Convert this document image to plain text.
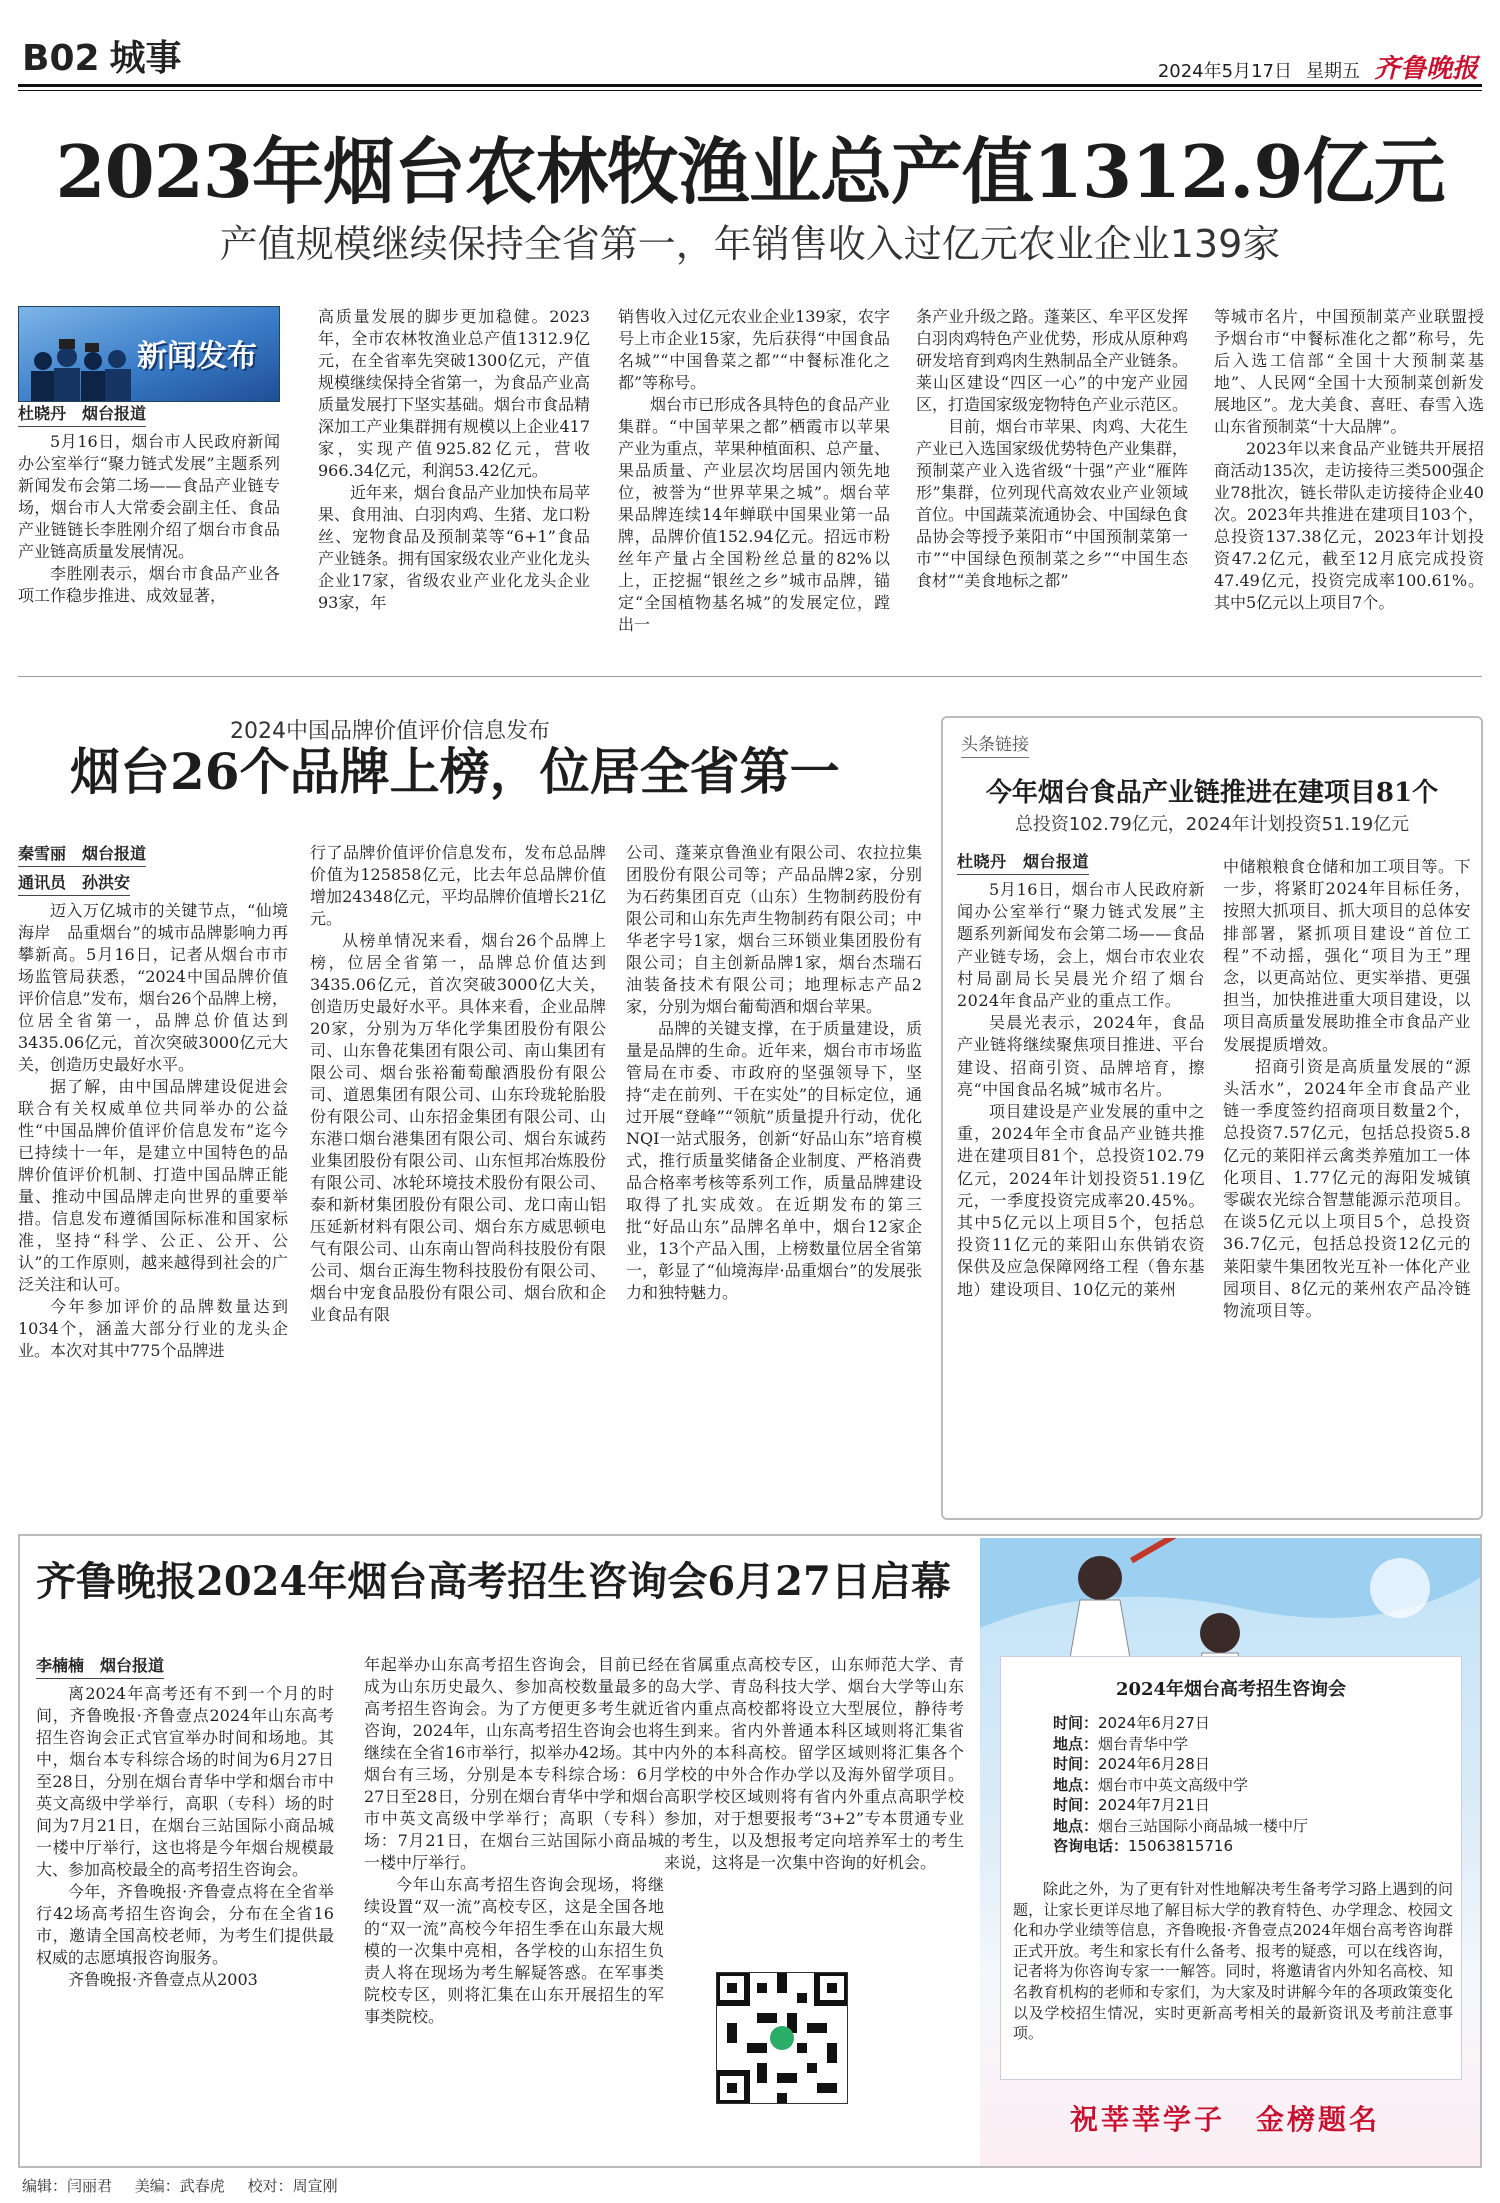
B02 城事	2024年5月17日 星期五 齐鲁晚报
2023年烟台农林牧渔业总产值1312.9亿元
产值规模继续保持全省第一，年销售收入过亿元农业企业139家
新闻发布

杜晓丹　烟台报道

5月16日，烟台市人民政府新闻办公室举行“聚力链式发展”主题系列新闻发布会第二场——食品产业链专场，烟台市人大常委会副主任、食品产业链链长李胜刚介绍了烟台市食品产业链高质量发展情况。

李胜刚表示，烟台市食品产业各项工作稳步推进、成效显著，

高质量发展的脚步更加稳健。2023年，全市农林牧渔业总产值1312.9亿元，在全省率先突破1300亿元，产值规模继续保持全省第一，为食品产业高质量发展打下坚实基础。烟台市食品精深加工产业集群拥有规模以上企业417家，实现产值925.82亿元，营收966.34亿元，利润53.42亿元。

近年来，烟台食品产业加快布局苹果、食用油、白羽肉鸡、生猪、龙口粉丝、宠物食品及预制菜等“6+1”食品产业链条。拥有国家级农业产业化龙头企业17家，省级农业产业化龙头企业93家，年

销售收入过亿元农业企业139家，农字号上市企业15家，先后获得“中国食品名城”“中国鲁菜之都”“中餐标准化之都”等称号。

烟台市已形成各具特色的食品产业集群。“中国苹果之都”栖霞市以苹果产业为重点，苹果种植面积、总产量、果品质量、产业层次均居国内领先地位，被誉为“世界苹果之城”。烟台苹果品牌连续14年蝉联中国果业第一品牌，品牌价值152.94亿元。招远市粉丝年产量占全国粉丝总量的82%以上，正挖掘“银丝之乡”城市品牌，锚定“全国植物基名城”的发展定位，蹚出一

条产业升级之路。蓬莱区、牟平区发挥白羽肉鸡特色产业优势，形成从原种鸡研发培育到鸡肉生熟制品全产业链条。莱山区建设“四区一心”的中宠产业园区，打造国家级宠物特色产业示范区。

目前，烟台市苹果、肉鸡、大花生产业已入选国家级优势特色产业集群，预制菜产业入选省级“十强”产业“雁阵形”集群，位列现代高效农业产业领域首位。中国蔬菜流通协会、中国绿色食品协会等授予莱阳市“中国预制菜第一市”“中国绿色预制菜之乡”“中国生态食材”“美食地标之都”

等城市名片，中国预制菜产业联盟授予烟台市“中餐标准化之都”称号，先后入选工信部“全国十大预制菜基地”、人民网“全国十大预制菜创新发展地区”。龙大美食、喜旺、春雪入选山东省预制菜“十大品牌”。

2023年以来食品产业链共开展招商活动135次，走访接待三类500强企业78批次，链长带队走访接待企业40次。2023年共推进在建项目103个，总投资137.38亿元，2023年计划投资47.2亿元，截至12月底完成投资47.49亿元，投资完成率100.61%。其中5亿元以上项目7个。

2024中国品牌价值评价信息发布
烟台26个品牌上榜，位居全省第一

秦雪丽　烟台报道

通讯员　孙洪安

迈入万亿城市的关键节点，“仙境海岸　品重烟台”的城市品牌影响力再攀新高。5月16日，记者从烟台市市场监管局获悉，“2024中国品牌价值评价信息”发布，烟台26个品牌上榜，位居全省第一，品牌总价值达到3435.06亿元，首次突破3000亿元大关，创造历史最好水平。

据了解，由中国品牌建设促进会联合有关权威单位共同举办的公益性“中国品牌价值评价信息发布”迄今已持续十一年，是建立中国特色的品牌价值评价机制、打造中国品牌正能量、推动中国品牌走向世界的重要举措。信息发布遵循国际标准和国家标准，坚持“科学、公正、公开、公认”的工作原则，越来越得到社会的广泛关注和认可。

今年参加评价的品牌数量达到1034个，涵盖大部分行业的龙头企业。本次对其中775个品牌进

行了品牌价值评价信息发布，发布总品牌价值为125858亿元，比去年总品牌价值增加24348亿元，平均品牌价值增长21亿元。

从榜单情况来看，烟台26个品牌上榜，位居全省第一，品牌总价值达到3435.06亿元，首次突破3000亿大关，创造历史最好水平。具体来看，企业品牌20家，分别为万华化学集团股份有限公司、山东鲁花集团有限公司、南山集团有限公司、烟台张裕葡萄酿酒股份有限公司、道恩集团有限公司、山东玲珑轮胎股份有限公司、山东招金集团有限公司、山东港口烟台港集团有限公司、烟台东诚药业集团股份有限公司、山东恒邦冶炼股份有限公司、冰轮环境技术股份有限公司、泰和新材集团股份有限公司、龙口南山铝压延新材料有限公司、烟台东方威思顿电气有限公司、山东南山智尚科技股份有限公司、烟台正海生物科技股份有限公司、烟台中宠食品股份有限公司、烟台欣和企业食品有限

公司、蓬莱京鲁渔业有限公司、农拉拉集团股份有限公司等；产品品牌2家，分别为石药集团百克（山东）生物制药股份有限公司和山东先声生物制药有限公司；中华老字号1家，烟台三环锁业集团股份有限公司；自主创新品牌1家，烟台杰瑞石油装备技术有限公司；地理标志产品2家，分别为烟台葡萄酒和烟台苹果。

品牌的关键支撑，在于质量建设，质量是品牌的生命。近年来，烟台市市场监管局在市委、市政府的坚强领导下，坚持“走在前列、干在实处”的目标定位，通过开展“登峰”“领航”质量提升行动，优化NQI一站式服务，创新“好品山东”培育模式，推行质量奖储备企业制度、严格消费品合格率考核等系列工作，质量品牌建设取得了扎实成效。在近期发布的第三批“好品山东”品牌名单中，烟台12家企业，13个产品入围，上榜数量位居全省第一，彰显了“仙境海岸·品重烟台”的发展张力和独特魅力。

头条链接
今年烟台食品产业链推进在建项目81个
总投资102.79亿元，2024年计划投资51.19亿元

杜晓丹　烟台报道

5月16日，烟台市人民政府新闻办公室举行“聚力链式发展”主题系列新闻发布会第二场——食品产业链专场，会上，烟台市农业农村局副局长吴晨光介绍了烟台2024年食品产业的重点工作。

吴晨光表示，2024年，食品产业链将继续聚焦项目推进、平台建设、招商引资、品牌培育，擦亮“中国食品名城”城市名片。

项目建设是产业发展的重中之重，2024年全市食品产业链共推进在建项目81个，总投资102.79亿元，2024年计划投资51.19亿元，一季度投资完成率20.45%。其中5亿元以上项目5个，包括总投资11亿元的莱阳山东供销农资保供及应急保障网络工程（鲁东基地）建设项目、10亿元的莱州

中储粮粮食仓储和加工项目等。下一步，将紧盯2024年目标任务，按照大抓项目、抓大项目的总体安排部署，紧抓项目建设“首位工程”不动摇，强化“项目为王”理念，以更高站位、更实举措、更强担当，加快推进重大项目建设，以项目高质量发展助推全市食品产业发展提质增效。

招商引资是高质量发展的“源头活水”，2024年全市食品产业链一季度签约招商项目数量2个，总投资7.57亿元，包括总投资5.8亿元的莱阳祥云禽类养殖加工一体化项目、1.77亿元的海阳发城镇零碳农光综合智慧能源示范项目。在谈5亿元以上项目5个，总投资36.7亿元，包括总投资12亿元的莱阳蒙牛集团牧光互补一体化产业园项目、8亿元的莱州农产品冷链物流项目等。

齐鲁晚报2024年烟台高考招生咨询会6月27日启幕

李楠楠　烟台报道

离2024年高考还有不到一个月的时间，齐鲁晚报·齐鲁壹点2024年山东高考招生咨询会正式官宣举办时间和场地。其中，烟台本专科综合场的时间为6月27日至28日，分别在烟台青华中学和烟台市中英文高级中学举行，高职（专科）场的时间为7月21日，在烟台三站国际小商品城一楼中厅举行，这也将是今年烟台规模最大、参加高校最全的高考招生咨询会。

今年，齐鲁晚报·齐鲁壹点将在全省举行42场高考招生咨询会，分布在全省16市，邀请全国高校老师，为考生们提供最权威的志愿填报咨询服务。

齐鲁晚报·齐鲁壹点从2003

年起举办山东高考招生咨询会，目前已经成为山东历史最久、参加高校数量最多的高考招生咨询会。为了方便更多考生就近咨询，2024年，山东高考招生咨询会也将继续在全省16市举行，拟举办42场。其中烟台有三场，分别是本专科综合场：6月27日至28日，分别在烟台青华中学和烟台市中英文高级中学举行；高职（专科）场：7月21日，在烟台三站国际小商品城一楼中厅举行。

今年山东高考招生咨询会现场，将继续设置“双一流”高校专区，这是全国各地的“双一流”高校今年招生季在山东最大规模的一次集中亮相，各学校的山东招生负责人将在现场为考生解疑答惑。在军事类院校专区，则将汇集在山东开展招生的军事类院校。

在省属重点高校专区，山东师范大学、青岛大学、青岛科技大学、烟台大学等山东省内重点高校都将设立大型展位，静待考生到来。省内外普通本科区域则将汇集省内外的本科高校。留学区域则将汇集各个学校的中外合作办学以及海外留学项目。高职学校区域则将有省内外重点高职学校参加，对于想要报考“3+2”专本贯通专业的考生，以及想报考定向培养军士的考生来说，这将是一次集中咨询的好机会。

2024年烟台高考招生咨询会
时间：2024年6月27日
地点：烟台青华中学
时间：2024年6月28日
地点：烟台市中英文高级中学
时间：2024年7月21日
地点：烟台三站国际小商品城一楼中厅
咨询电话：15063815716
除此之外，为了更有针对性地解决考生备考学习路上遇到的问题，让家长更详尽地了解目标大学的教育特色、办学理念、校园文化和办学业绩等信息，齐鲁晚报·齐鲁壹点2024年烟台高考咨询群正式开放。考生和家长有什么备考、报考的疑惑，可以在线咨询，记者将为你咨询专家一一解答。同时，将邀请省内外知名高校、知名教育机构的老师和专家们，为大家及时讲解今年的各项政策变化以及学校招生情况，实时更新高考相关的最新资讯及考前注意事项。
祝莘莘学子　金榜题名
编辑：闫丽君 美编：武春虎 校对：周宣刚
